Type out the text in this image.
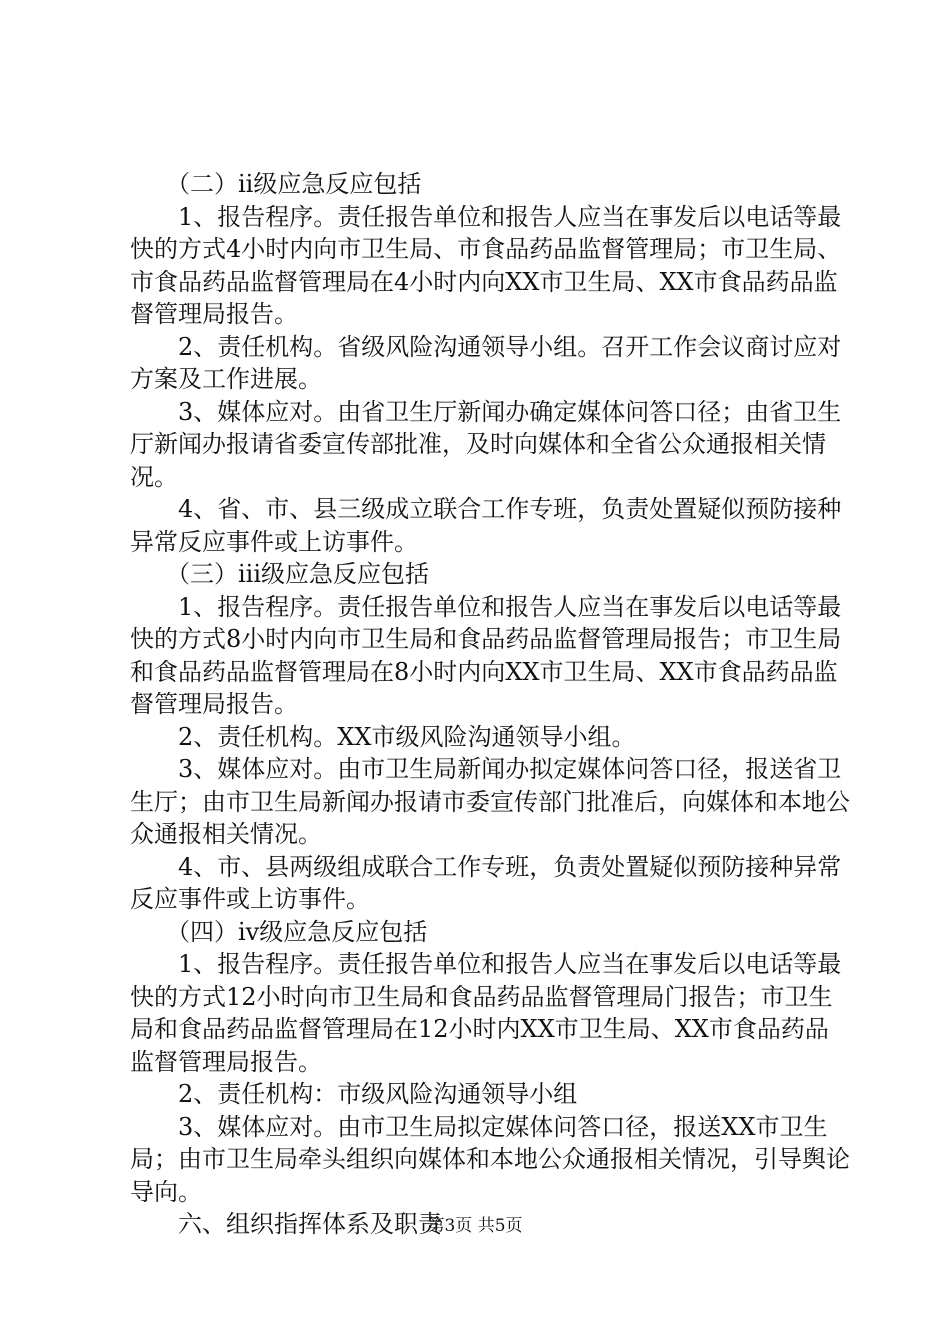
（二）ii级应急反应包括

1、报告程序。责任报告单位和报告人应当在事发后以电话等最快的方式4小时内向市卫生局、市食品药品监督管理局；市卫生局、市食品药品监督管理局在4小时内向XX市卫生局、XX市食品药品监督管理局报告。

2、责任机构。省级风险沟通领导小组。召开工作会议商讨应对方案及工作进展。

3、媒体应对。由省卫生厅新闻办确定媒体问答口径；由省卫生厅新闻办报请省委宣传部批准，及时向媒体和全省公众通报相关情况。

4、省、市、县三级成立联合工作专班，负责处置疑似预防接种异常反应事件或上访事件。

（三）iii级应急反应包括

1、报告程序。责任报告单位和报告人应当在事发后以电话等最快的方式8小时内向市卫生局和食品药品监督管理局报告；市卫生局和食品药品监督管理局在8小时内向XX市卫生局、XX市食品药品监督管理局报告。

2、责任机构。XX市级风险沟通领导小组。

3、媒体应对。由市卫生局新闻办拟定媒体问答口径，报送省卫生厅；由市卫生局新闻办报请市委宣传部门批准后，向媒体和本地公众通报相关情况。

4、市、县两级组成联合工作专班，负责处置疑似预防接种异常反应事件或上访事件。

（四）iv级应急反应包括

1、报告程序。责任报告单位和报告人应当在事发后以电话等最快的方式12小时向市卫生局和食品药品监督管理局门报告；市卫生局和食品药品监督管理局在12小时内XX市卫生局、XX市食品药品监督管理局报告。

2、责任机构：市级风险沟通领导小组

3、媒体应对。由市卫生局拟定媒体问答口径，报送XX市卫生局；由市卫生局牵头组织向媒体和本地公众通报相关情况，引导舆论导向。

六、组织指挥体系及职责

第3页 共5页
